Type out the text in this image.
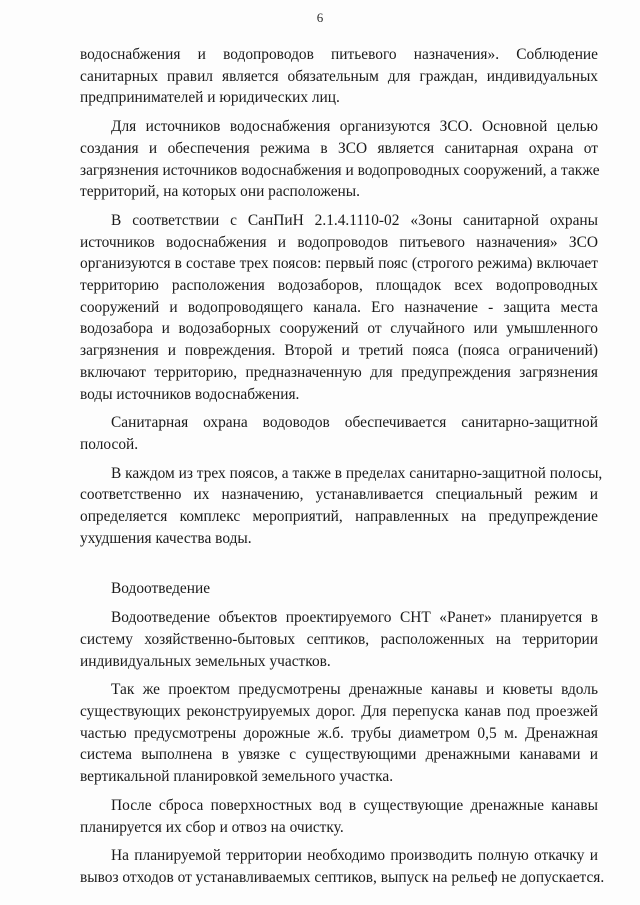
6
водоснабжения и водопроводов питьевого назначения». Соблюдение
санитарных правил является обязательным для граждан, индивидуальных
предпринимателей и юридических лиц.
Для источников водоснабжения организуются ЗСО. Основной целью
создания и обеспечения режима в ЗСО является санитарная охрана от
загрязнения источников водоснабжения и водопроводных сооружений, а также
территорий, на которых они расположены.
В соответствии с СанПиН 2.1.4.1110-02 «Зоны санитарной охраны
источников водоснабжения и водопроводов питьевого назначения» ЗСО
организуются в составе трех поясов: первый пояс (строгого режима) включает
территорию расположения водозаборов, площадок всех водопроводных
сооружений и водопроводящего канала. Его назначение - защита места
водозабора и водозаборных сооружений от случайного или умышленного
загрязнения и повреждения. Второй и третий пояса (пояса ограничений)
включают территорию, предназначенную для предупреждения загрязнения
воды источников водоснабжения.
Санитарная охрана водоводов обеспечивается санитарно-защитной
полосой.
В каждом из трех поясов, а также в пределах санитарно-защитной полосы,
соответственно их назначению, устанавливается специальный режим и
определяется комплекс мероприятий, направленных на предупреждение
ухудшения качества воды.
Водоотведение
Водоотведение объектов проектируемого СНТ «Ранет» планируется в
систему хозяйственно-бытовых септиков, расположенных на территории
индивидуальных земельных участков.
Так же проектом предусмотрены дренажные канавы и кюветы вдоль
существующих реконструируемых дорог. Для перепуска канав под проезжей
частью предусмотрены дорожные ж.б. трубы диаметром 0,5 м. Дренажная
система выполнена в увязке с существующими дренажными канавами и
вертикальной планировкой земельного участка.
После сброса поверхностных вод в существующие дренажные канавы
планируется их сбор и отвоз на очистку.
На планируемой территории необходимо производить полную откачку и
вывоз отходов от устанавливаемых септиков, выпуск на рельеф не допускается.
